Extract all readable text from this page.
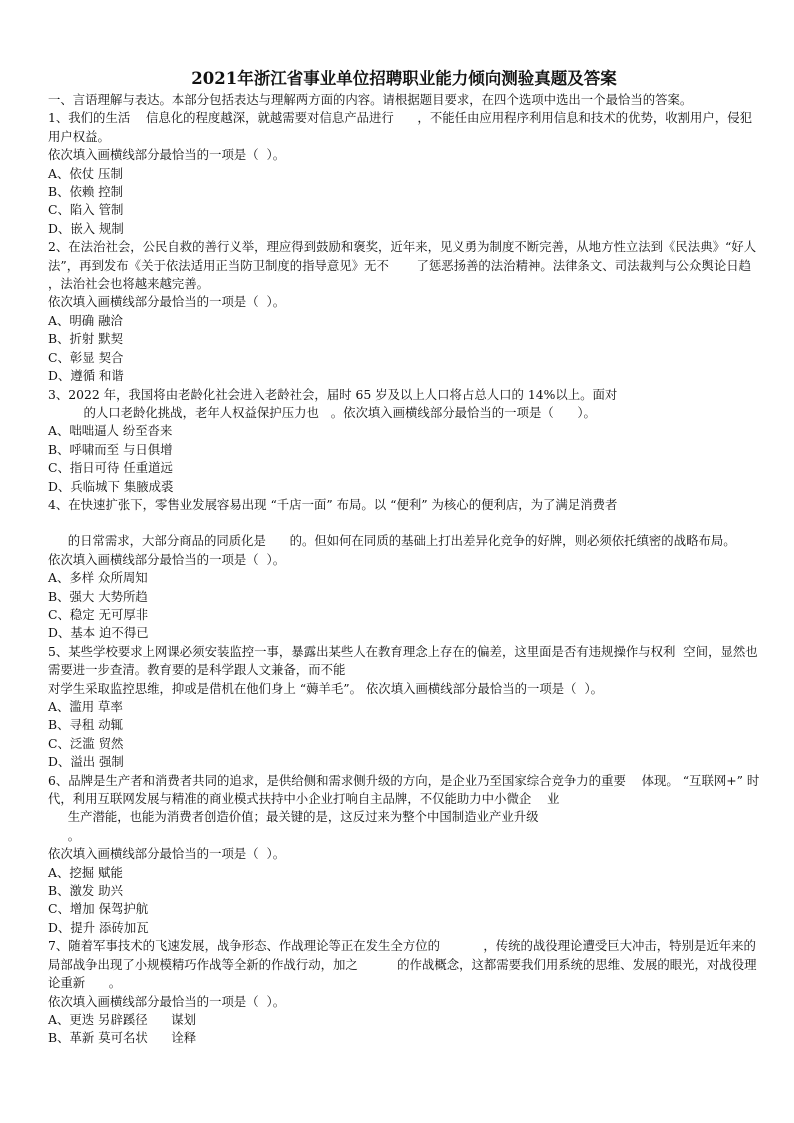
2021年浙江省事业单位招聘职业能力倾向测验真题及答案
一、言语理解与表达。本部分包括表达与理解两方面的内容。请根据题目要求，在四个选项中选出一个最恰当的答案。
1、我们的生活    信息化的程度越深，就越需要对信息产品进行      ，不能任由应用程序利用信息和技术的优势，收割用户，侵犯用户权益。
依次填入画横线部分最恰当的一项是（  ）。
A、依仗 压制
B、依赖 控制
C、陷入 管制
D、嵌入 规制
2、在法治社会，公民自救的善行义举，理应得到鼓励和褒奖，近年来，见义勇为制度不断完善，从地方性立法到《民法典》“好人法”，再到发布《关于依法适用正当防卫制度的指导意见》无不       了惩恶扬善的法治精神。法律条文、司法裁判与公众舆论日趋   ，法治社会也将越来越完善。
依次填入画横线部分最恰当的一项是（  ）。
A、明确 融洽
B、折射 默契
C、彰显 契合
D、遵循 和谐
3、2022 年，我国将由老龄化社会进入老龄社会，届时 65 岁及以上人口将占总人口的 14%以上。面对
的人口老龄化挑战，老年人权益保护压力也   。依次填入画横线部分最恰当的一项是（      ）。
A、咄咄逼人 纷至沓来
B、呼啸而至 与日俱增
C、指日可待 任重道远
D、兵临城下 集腋成裘
4、在快速扩张下，零售业发展容易出现 “千店一面” 布局。以 “便利” 为核心的便利店，为了满足消费者
的日常需求，大部分商品的同质化是      的。但如何在同质的基础上打出差异化竞争的好牌，则必须依托缜密的战略布局。
依次填入画横线部分最恰当的一项是（  ）。
A、多样 众所周知
B、强大 大势所趋
C、稳定 无可厚非
D、基本 迫不得已
5、某些学校要求上网课必须安装监控一事，暴露出某些人在教育理念上存在的偏差，这里面是否有违规操作与权利  空间，显然也需要进一步查清。教育要的是科学跟人文兼备，而不能
对学生采取监控思维，抑或是借机在他们身上 “薅羊毛”。 依次填入画横线部分最恰当的一项是（  ）。
A、滥用 草率
B、寻租 动辄
C、泛滥 贸然
D、溢出 强制
6、品牌是生产者和消费者共同的追求，是供给侧和需求侧升级的方向，是企业乃至国家综合竞争力的重要    体现。 “互联网+” 时代，利用互联网发展与精准的商业模式扶持中小企业打响自主品牌，不仅能助力中小微企    业
生产潜能，也能为消费者创造价值；最关键的是，这反过来为整个中国制造业产业升级
。
依次填入画横线部分最恰当的一项是（  ）。
A、挖掘 赋能
B、激发 助兴
C、增加 保驾护航
D、提升 添砖加瓦
7、随着军事技术的飞速发展，战争形态、作战理论等正在发生全方位的           ，传统的战役理论遭受巨大冲击，特别是近年来的局部战争出现了小规模精巧作战等全新的作战行动，加之          的作战概念，这都需要我们用系统的思维、发展的眼光，对战役理论重新      。
依次填入画横线部分最恰当的一项是（  ）。
A、更迭 另辟蹊径      谋划
B、革新 莫可名状      诠释
